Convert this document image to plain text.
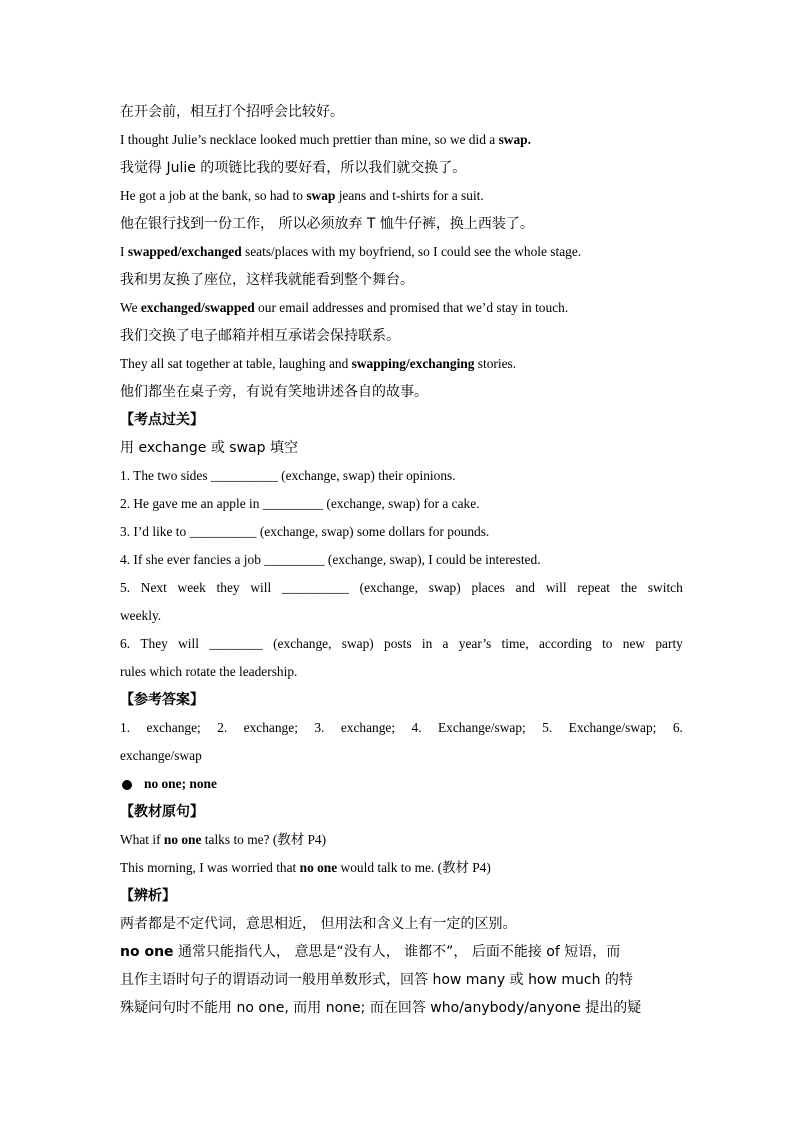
在开会前，相互打个招呼会比较好。

I thought Julie’s necklace looked much prettier than mine, so we did a swap.

我觉得 Julie 的项链比我的要好看，所以我们就交换了。

He got a job at the bank, so had to swap jeans and t-shirts for a suit.

他在银行找到一份工作， 所以必须放弃 T 恤牛仔裤，换上西装了。

I swapped/exchanged seats/places with my boyfriend, so I could see the whole stage.

我和男友换了座位，这样我就能看到整个舞台。

We exchanged/swapped our email addresses and promised that we’d stay in touch.

我们交换了电子邮箱并相互承诺会保持联系。

They all sat together at table, laughing and swapping/exchanging stories.

他们都坐在桌子旁，有说有笑地讲述各自的故事。

【考点过关】

用 exchange 或 swap 填空

1. The two sides __________ (exchange, swap) their opinions.

2. He gave me an apple in _________ (exchange, swap) for a cake.

3. I’d like to __________ (exchange, swap) some dollars for pounds.

4. If she ever fancies a job _________ (exchange, swap), I could be interested.

5. Next week they will __________ (exchange, swap) places and will repeat the switch

weekly.

6. They will ________ (exchange, swap) posts in a year’s time, according to new party

rules which rotate the leadership.

【参考答案】

1. exchange; 2. exchange; 3. exchange; 4. Exchange/swap; 5. Exchange/swap; 6.

exchange/swap

no one; none

【教材原句】

What if no one talks to me? (教材 P4)

This morning, I was worried that no one would talk to me. (教材 P4)

【辨析】

两者都是不定代词，意思相近， 但用法和含义上有一定的区别。

no one 通常只能指代人， 意思是“没有人， 谁都不”， 后面不能接 of 短语，而

且作主语时句子的谓语动词一般用单数形式，回答 how many 或 how much 的特

殊疑问句时不能用 no one, 而用 none; 而在回答 who/anybody/anyone 提出的疑
